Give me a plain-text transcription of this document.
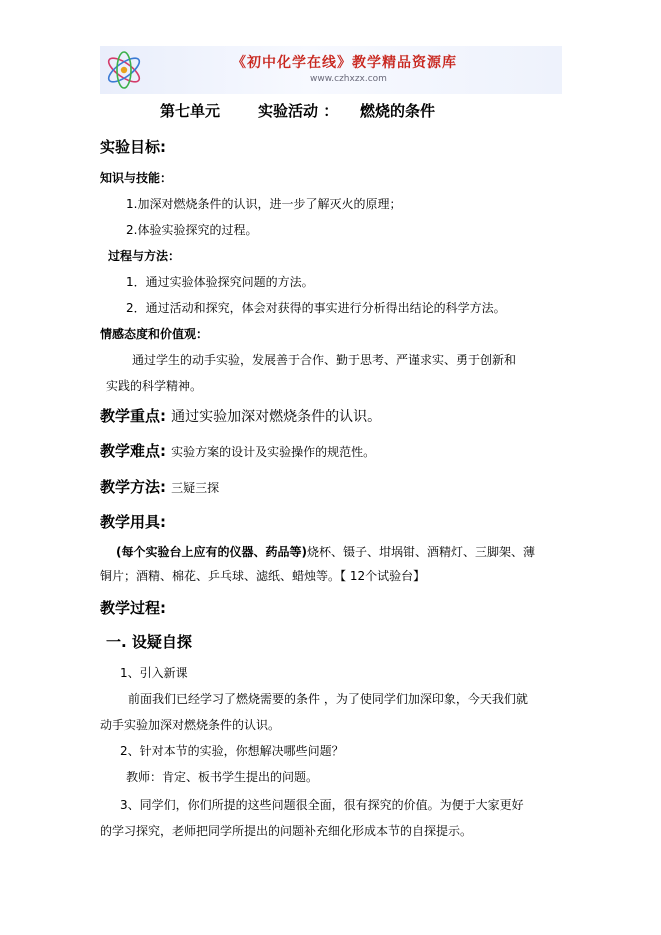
《初中化学在线》教学精品资源库
www.czhxzx.com
第七单元	实验活动 ： 燃烧的条件
实验目标:
知识与技能：
1.加深对燃烧条件的认识，进一步了解灭火的原理；
2.体验实验探究的过程。
过程与方法：
1．通过实验体验探究问题的方法。
2．通过活动和探究，体会对获得的事实进行分析得出结论的科学方法。
情感态度和价值观：
通过学生的动手实验，发展善于合作、勤于思考、严谨求实、勇于创新和
实践的科学精神。
教学重点: 通过实验加深对燃烧条件的认识。
教学难点: 实验方案的设计及实验操作的规范性。
教学方法: 三疑三探
教学用具:
(每个实验台上应有的仪器、药品等)烧杯、镊子、坩埚钳、酒精灯、三脚架、薄
铜片；酒精、棉花、乒乓球、滤纸、蜡烛等。【 12个试验台】
教学过程:
一. 设疑自探
1、引入新课
前面我们已经学习了燃烧需要的条件 ，为了使同学们加深印象，今天我们就
动手实验加深对燃烧条件的认识。
2、针对本节的实验，你想解决哪些问题？
教师：肯定、板书学生提出的问题。
3、同学们，你们所提的这些问题很全面，很有探究的价值。为便于大家更好
的学习探究，老师把同学所提出的问题补充细化形成本节的自探提示。
